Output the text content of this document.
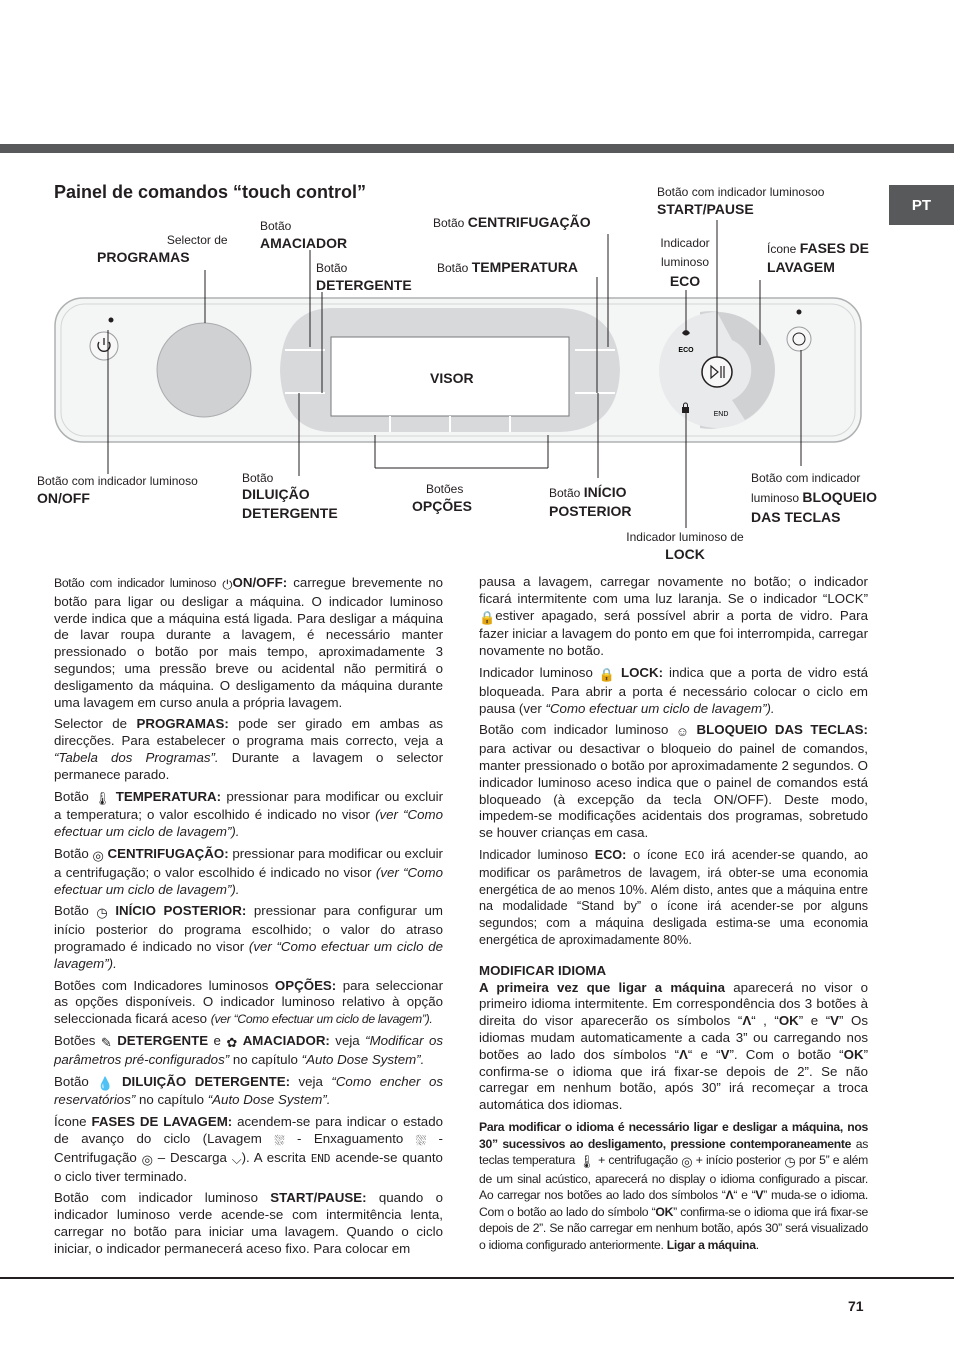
PT
Painel de comandos “touch control”
ECO
END
VISOR
Selector de
PROGRAMAS
Botão
AMACIADOR
Botão
DETERGENTE
Botão CENTRIFUGAÇÃO
Botão TEMPERATURA
Botão com indicador luminosoo
START/PAUSE
Indicador
luminoso
ECO
Ícone FASES DE
LAVAGEM
Botão com indicador luminoso
ON/OFF
Botão
DILUIÇÃO
DETERGENTE
Botões
OPÇÕES
Botão INÍCIO
POSTERIOR
Botão com indicador
luminoso BLOQUEIO
DAS TECLAS
Indicador luminoso de
LOCK

Botão com indicador luminoso ⏻ON/OFF: carregue brevemente no botão para ligar ou desligar a máquina. O indicador luminoso verde indica que a máquina está ligada. Para desligar a máquina de lavar roupa durante a lavagem, é necessário manter pressionado o botão por mais tempo, aproximadamente 3 segundos; uma pressão breve ou acidental não permitirá o desligamento da máquina. O desligamento da máquina durante uma lavagem em curso anula a própria lavagem.

Selector de PROGRAMAS: pode ser girado em ambas as direcções. Para estabelecer o programa mais correcto, veja a “Tabela dos Programas”. Durante a lavagem o selector permanece parado.

Botão 🌡 TEMPERATURA: pressionar para modificar ou excluir a temperatura; o valor escolhido é indicado no visor (ver “Como efectuar um ciclo de lavagem”).

Botão ◎ CENTRIFUGAÇÃO: pressionar para modificar ou excluir a centrifugação; o valor escolhido é indicado no visor (ver “Como efectuar um ciclo de lavagem”).

Botão ◷ INÍCIO POSTERIOR: pressionar para configurar um início posterior do programa escolhido; o valor do atraso programado é indicado no visor (ver “Como efectuar um ciclo de lavagem”).

Botões com Indicadores luminosos OPÇÕES: para seleccionar as opções disponíveis. O indicador luminoso relativo à opção seleccionada ficará aceso (ver “Como efectuar um ciclo de lavagem”).

Botões ✎ DETERGENTE e ✿ AMACIADOR: veja “Modificar os parâmetros pré-configurados” no capítulo “Auto Dose System”.

Botão 💧 DILUIÇÃO DETERGENTE: veja “Como encher os reservatórios” no capítulo “Auto Dose System”.

Ícone FASES DE LAVAGEM: acendem-se para indicar o estado de avanço do ciclo (Lavagem ⛆ - Enxaguamento ⛆ - Centrifugação ◎ – Descarga ⌵). A escrita END acende-se quanto o ciclo tiver terminado.

Botão com indicador luminoso START/PAUSE: quando o indicador luminoso verde acende-se com intermitência lenta, carregar no botão para iniciar uma lavagem. Quando o ciclo iniciar, o indicador permanecerá aceso fixo. Para colocar em

pausa a lavagem, carregar novamente no botão; o indicador ficará intermitente com uma luz laranja. Se o indicador “LOCK” 🔒estiver apagado, será possível abrir a porta de vidro. Para fazer iniciar a lavagem do ponto em que foi interrompida, carregar novamente no botão.

Indicador luminoso 🔒 LOCK: indica que a porta de vidro está bloqueada. Para abrir a porta é necessário colocar o ciclo em pausa (ver “Como efectuar um ciclo de lavagem”).

Botão com indicador luminoso ☺ BLOQUEIO DAS TECLAS: para activar ou desactivar o bloqueio do painel de comandos, manter pressionado o botão por aproximadamente 2 segundos. O indicador luminoso aceso indica que o painel de comandos está bloqueado (à excepção da tecla ON/OFF). Deste modo, impedem-se modificações acidentais dos programas, sobretudo se houver crianças em casa.

Indicador luminoso ECO: o ícone ECO irá acender-se quando, ao modificar os parâmetros de lavagem, irá obter-se uma economia energética de ao menos 10%. Além disto, antes que a máquina entre na modalidade “Stand by” o ícone irá acender-se por alguns segundos; com a máquina desligada estima-se uma economia energética de aproximadamente 80%.

MODIFICAR IDIOMA

A primeira vez que ligar a máquina aparecerá no visor o primeiro idioma intermitente. Em correspondência dos 3 botões à direita do visor aparecerão os símbolos “Λ“ , “OK” e “V” Os idiomas mudam automaticamente a cada 3” ou carregando nos botões ao lado dos símbolos “Λ“ e “V”. Com o botão “OK” confirma-se o idioma que irá fixar-se depois de 2”. Se não carregar em nenhum botão, após 30” irá recomeçar a troca automática dos idiomas.

Para modificar o idioma é necessário ligar e desligar a máquina, nos 30” sucessivos ao desligamento, pressione contemporaneamente as teclas temperatura 🌡 + centrifugação ◎ + início posterior ◷ por 5” e além de um sinal acústico, aparecerá no display o idioma configurado a piscar. Ao carregar nos botões ao lado dos símbolos “Λ“ e “V” muda-se o idioma. Com o botão ao lado do símbolo “OK” confirma-se o idioma que irá fixar-se depois de 2”. Se não carregar em nenhum botão, após 30” será visualizado o idioma configurado anteriormente. Ligar a máquina.

71
